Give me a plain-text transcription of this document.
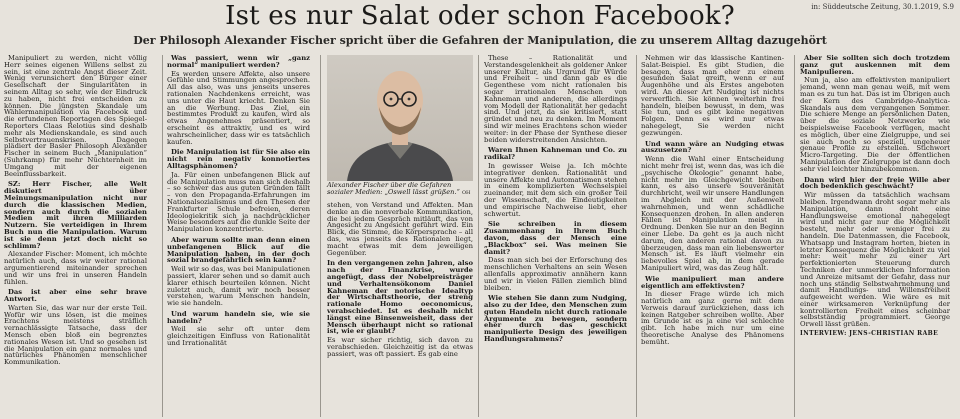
in: Süddeutsche Zeitung, 30.1.2019, S.9
Ist es nur Salat oder schon Facebook?
Der Philosoph Alexander Fischer spricht über die Gefahren der Manipulation, die zu unserem Alltag dazugehört

Manipuliert zu werden, nicht völlig Herr seines eigenen Willens selbst zu sein, ist eine zentrale Angst dieser Zeit. Wenig verunsichert den Bürger einer Gesellschaft der Singularitäten in seinem Alltag so sehr, wie der Eindruck zu haben, nicht frei entscheiden zu können. Die jüngsten Skandale um Wählermanipulation via Facebook und die erfundenen Reportagen des Spiegel-Reporters Claas Relotius sind deshalb mehr als Medienskandale, es sind auch Selbstvertrauenskrisen. Dagegen plädiert der Basler Philosoph Alexander Fischer in seinem Buch „Manipulation“ (Suhrkamp) für mehr Nüchternheit im Umgang mit der eigenen Beeinflussbarkeit.

SZ: Herr Fischer, alle Welt diskutiert über Meinungsmanipulation nicht nur durch die klassischen Medien, sondern auch durch die sozialen Medien mit ihren Milliarden Nutzern. Sie verteidigen in Ihrem Buch nun die Manipulation. Warum ist sie denn jetzt doch nicht so schlimm?

Alexander Fischer: Moment, ich möchte natürlich auch, dass wir weiter rational argumentierend miteinander sprechen und wir uns frei in unseren Handeln fühlen.

Das ist aber eine sehr brave Antwort.

Warten Sie, das war nur der erste Teil. Wofür wir uns lösen, ist die meines Erachtens meistens sträflich vernachlässigte Tatsache, dass der Mensch eben bloß ein begrenztes rationales Wesen ist. Und so gesehen ist die Manipulation ein ganz normales und natürliches Phänomen menschlicher Kommunikation.

Was passiert, wenn wir „ganz normal“ manipuliert werden?

Es werden unsere Affekte, also unsere Gefühle und Stimmungen angesprochen. All das also, was uns jenseits unseres rationalen Nachdenkens erreicht, was uns unter die Haut kriecht. Denken Sie an die Werbung. Das Ziel, ein bestimmtes Produkt zu kaufen, wird als etwas Angenehmes präsentiert, so erscheint es attraktiv, und es wird wahrscheinlicher, dass wir es tatsächlich kaufen.

Die Manipulation ist für Sie also ein nicht rein negativ konnotiertes Alltagsphänomen?

Ja. Für einen unbefangenen Blick auf die Manipulation muss man sich deshalb – so schwer das aus guten Gründen fällt – von den Propaganda-Erfahrungen im Nationalsozialismus und den Thesen der Frankfurter Schule befreien, deren Ideologiekritik sich ja nachdrücklicher Weise besonders auf die dunkle Seite der Manipulation konzentrierte.

Aber warum sollte man denn einen unbefangenen Blick auf die Manipulation haben, in der doch sozial brandgefährlich sein kann?

Weil wir so das, was bei Manipulationen passiert, klarer sehen und so damit auch klarer ethisch beurteilen können. Nicht zuletzt auch, damit wir noch besser verstehen, warum Menschen handeln, wie sie handeln.

Und warum handeln sie, wie sie handeln?

Weil sie sehr oft unter dem gleichzeitigen Einfluss von Rationalität und Irrationalität

Alexander Fischer über die Gefahren sozialer Medien: „Oswell lässt grüßen.“ OH

stehen, von Verstand und Affekten. Man denke an die nonverbale Kommunikation, die bei jedem Gespräch mitläuft, das von Angesicht zu Angesicht geführt wird. Ein Blick, die Stimme, die Körpersprache – all das, was jenseits des Rationalen liegt, macht etwas mit dem jeweiligen Gegenüber.

In den vergangenen zehn Jahren, also nach der Finanzkrise, wurde angefügt, dass der Nobelpreisträger und Verhaltensökonom Daniel Kahneman der notorische Idealtyp der Wirtschaftstheorie, der streng rationale Homo oeconomicus, verabschiedet. Ist es deshalb nicht längst eine Binsenweisheit, dass der Mensch überhaupt nicht so rational ist, wie er glaubt?

Es war sicher richtig, sich davon zu verabschieden. Gleichzeitig ist da etwas passiert, was oft passiert. Es gab eine

These – Rationalität und Verstandesgelenkheit als goldener Anker unserer Kultur, als Urgrund für Würde und Freiheit – und dann gab es die Gegenthese vom nicht rationalen bis sogar irrationalen Menschen von Kahneman und anderen, die allerdings vom Modell der Rationalität her gedacht sind. Und jetzt, da sie kritisiert, statt gründet und neu zu denken. Im Moment sind wir meines Erachtens schon wieder weiter: in der Phase der Synthese dieser beiden widerstreitenden Ansichten.

Waren Ihnen Kahneman und Co. zu radikal?

In gewisser Weise ja. Ich möchte integrativer denken. Rationalität und unsere Affekte und Automatismen stehen in einem komplizierten Wechselspiel zueinander, mit dem sich ein großer Teil der Wissenschaft, die Eindeutigkeiten und empirische Nachweise liebt, eher schwertut.

Sie schreiben in diesem Zusammenhang in Ihrem Buch davon, dass der Mensch eine „Blackbox“ sei. Was meinen Sie damit?

Dass man sich bei der Erforschung des menschlichen Verhaltens an sein Wesen allenfalls approximativ annähern kann und wir in vielen Fällen ziemlich blind bleiben.

Wie stehen Sie dann zum Nudging, also zu der Idee, den Menschen zum guten Handeln nicht durch rationale Argumente zu bewegen, sondern eher durch das geschickt manipulierte Design des jeweiligen Handlungsrahmens?

Nehmen wir das klassische Kantinen-Salat-Beispiel. Es gibt Studien, die besagen, dass man eher zu einem gesunden Salat greift, wenn er auf Augenhöhe und als Erstes angeboten wird. An dieser Art Nudging ist nichts verwerflich. Sie können weiterhin frei handeln, bleiben bewusst, in dem, was Sie tun, und es gibt keine negativen Folgen. Denn es wird nur etwas nahegelegt, Sie werden nicht gezwungen.

Und wann wäre an Nudging etwas auszusetzen?

Wenn die Wahl einer Entscheidung nicht mehr frei ist, wenn das, was ich die „psychische Ökologie“ genannt habe, nicht mehr im Gleichgewicht bleiben kann, es also unsere Souveränität durchbricht, weil wir unsere Handlungen im Abgleich mit der Außenwelt wahrnehmen, und wenn schädliche Konsequenzen drohen. In allen anderen Fällen ist Manipulation meist in Ordnung. Denken Sie nur an den Beginn einer Liebe. Da geht es ja auch nicht darum, den anderen rational davon zu überzeugen, dass man ein liebenswerter Mensch ist. Es läuft vielmehr ein liebevolles Spiel ab, in dem gerade Manipuliert wird, was das Zeug hält.

Wie manipuliert man andere eigentlich am effektivsten?

In dieser Frage würde ich mich natürlich am ganz gerne mit dem Verweis darauf zurückziehen, dass ich keinen Ratgeber schreiben wollte. Aber im Grunde ist es ja eine viel schlechte gibt. Ich habe mich nur um eine theoretische Analyse des Phänomens bemüht.

Aber Sie sollten sich doch trotzdem ganz gut auskennen mit dem Manipulieren.

Nun ja, also am effektivsten manipuliert jemand, wenn man genau weiß, mit wem man es zu tun hat. Das ist im Übrigen auch der Kern des Cambridge-Analytica-Skandals aus dem vergangenen Sommer. Die schiere Menge an persönlichen Daten, über die soziale Netzwerke wie beispielsweise Facebook verfügen, macht es möglich, über eine Zielgruppe, und sei sie auch noch so speziell, ungeheuer genaue Profile zu erstellen. Stichwort Micro-Targeting. Die der öffentlichen Manipulation der Zielgruppe ist dann doch sehr viel leichter hinzubekommen.

Dann wird hier der freie Wille aber doch bedenklich geschwächt?

Wir müssen da tatsächlich wachsam bleiben. Irgendwann droht sogar mehr als Manipulation, dann droht eine Handlungsweise emotional nahegelegt wird und nicht gar nur die Möglichkeit besteht, mehr oder weniger frei zu handeln. Die Datenmassen, die Facebook, Whatsapp und Instagram horten, bieten in letzter Konsequenz die Möglichkeit zu viel mehr: weit mehr zu einer Art perfektionierten Steuerung durch Techniken der unmerklichen Information und Anreize mitsamt der Gefahr, dass nur noch uns ständig Selbstwahrnehmung und damit Handlungs- und Willensfreiheit aufgeweicht werden. Wie wäre es mit einer wirksameren Verknüpfung der kontrollierten Freiheit eines scheinbar selbstständig programmiert. George Orwell lässt grüßen.

INTERVIEW: JENS-CHRISTIAN RABE
